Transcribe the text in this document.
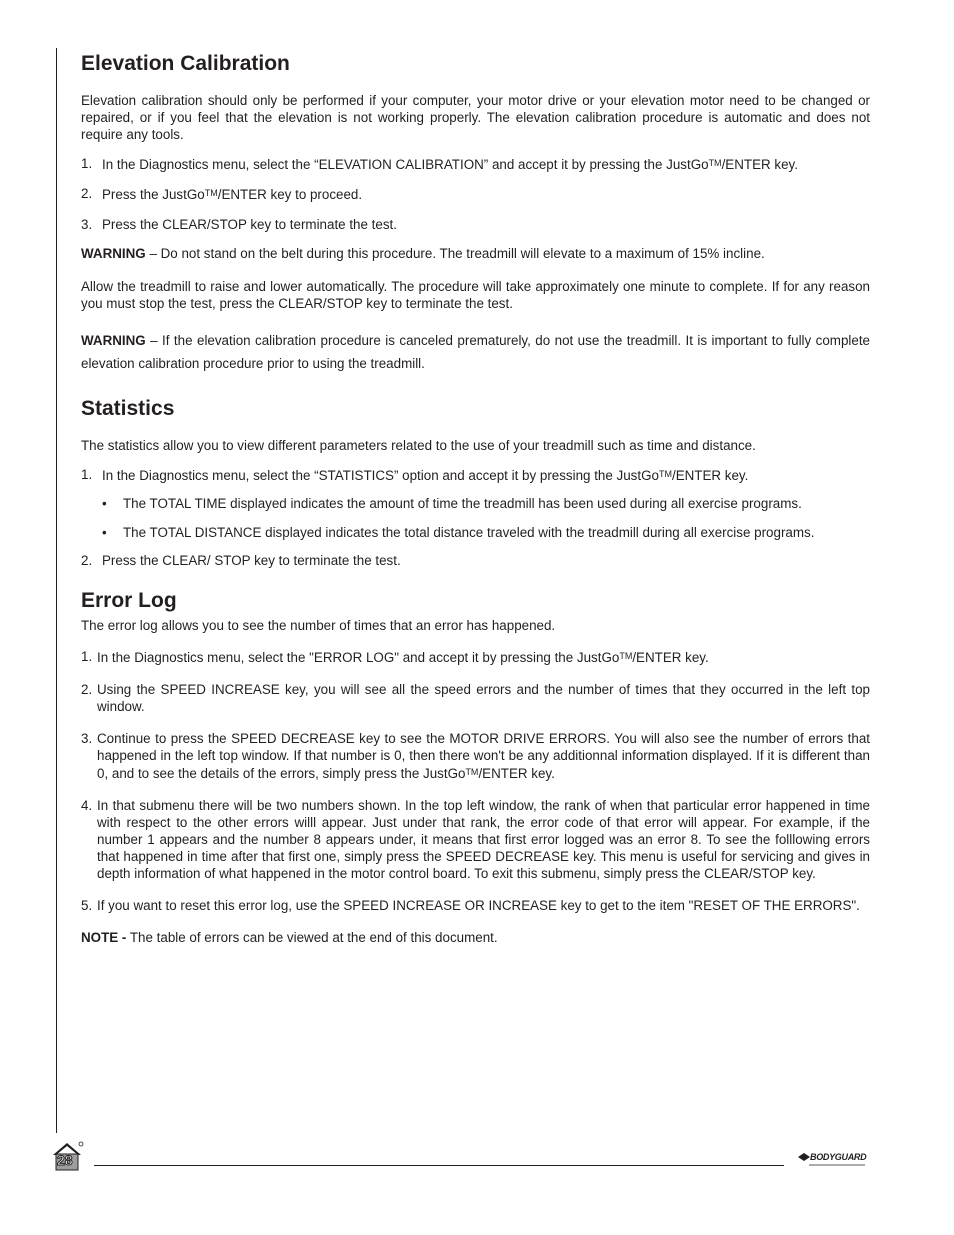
Elevation Calibration

Elevation calibration should only be performed if your computer, your motor drive or your elevation motor need to be changed or repaired, or if you feel that the elevation is not working properly. The elevation calibration procedure is automatic and does not require any tools.

1. In the Diagnostics menu, select the “ELEVATION CALIBRATION” and accept it by pressing the JustGo™/ENTER key.
2. Press the JustGo™/ENTER key to proceed.
3. Press the CLEAR/STOP key to terminate the test.

WARNING – Do not stand on the belt during this procedure. The treadmill will elevate to a maximum of 15% incline.

Allow the treadmill to raise and lower automatically. The procedure will take approximately one minute to complete. If for any reason you must stop the test, press the CLEAR/STOP key to terminate the test.

WARNING – If the elevation calibration procedure is canceled prematurely, do not use the treadmill. It is important to fully complete elevation calibration procedure prior to using the treadmill.

Statistics

The statistics allow you to view different parameters related to the use of your treadmill such as time and distance.

1. In the Diagnostics menu, select the “STATISTICS” option and accept it by pressing the JustGo™/ENTER key.
• The TOTAL TIME displayed indicates the amount of time the treadmill has been used during all exercise programs.
• The TOTAL DISTANCE displayed indicates the total distance traveled with the treadmill during all exercise programs.
2. Press the CLEAR/ STOP key to terminate the test.
Error Log

The error log allows you to see the number of times that an error has happened.

1. In the Diagnostics menu, select the "ERROR LOG" and accept it by pressing the JustGo™/ENTER key.
2. Using the SPEED INCREASE key, you will see all the speed errors and the number of times that they occurred in the left top window.
3. Continue to press the SPEED DECREASE key to see the MOTOR DRIVE ERRORS. You will also see the number of errors that happened in the left top window. If that number is 0, then there won't be any additionnal information displayed. If it is different than 0, and to see the details of the errors, simply press the JustGo™/ENTER key.
4. In that submenu there will be two numbers shown. In the top left window, the rank of when that particular error happened in time with respect to the other errors willl appear. Just under that rank, the error code of that error will appear. For example, if the number 1 appears and the number 8 appears under, it means that first error logged was an error 8. To see the folllowing errors that happened in time after that first one, simply press the SPEED DECREASE key. This menu is useful for servicing and gives in depth information of what happened in the motor control board. To exit this submenu, simply press the CLEAR/STOP key.
5. If you want to reset this error log, use the SPEED INCREASE OR INCREASE key to get to the item "RESET OF THE ERRORS".

NOTE - The table of errors can be viewed at the end of this document.

28	BODYGUARD
